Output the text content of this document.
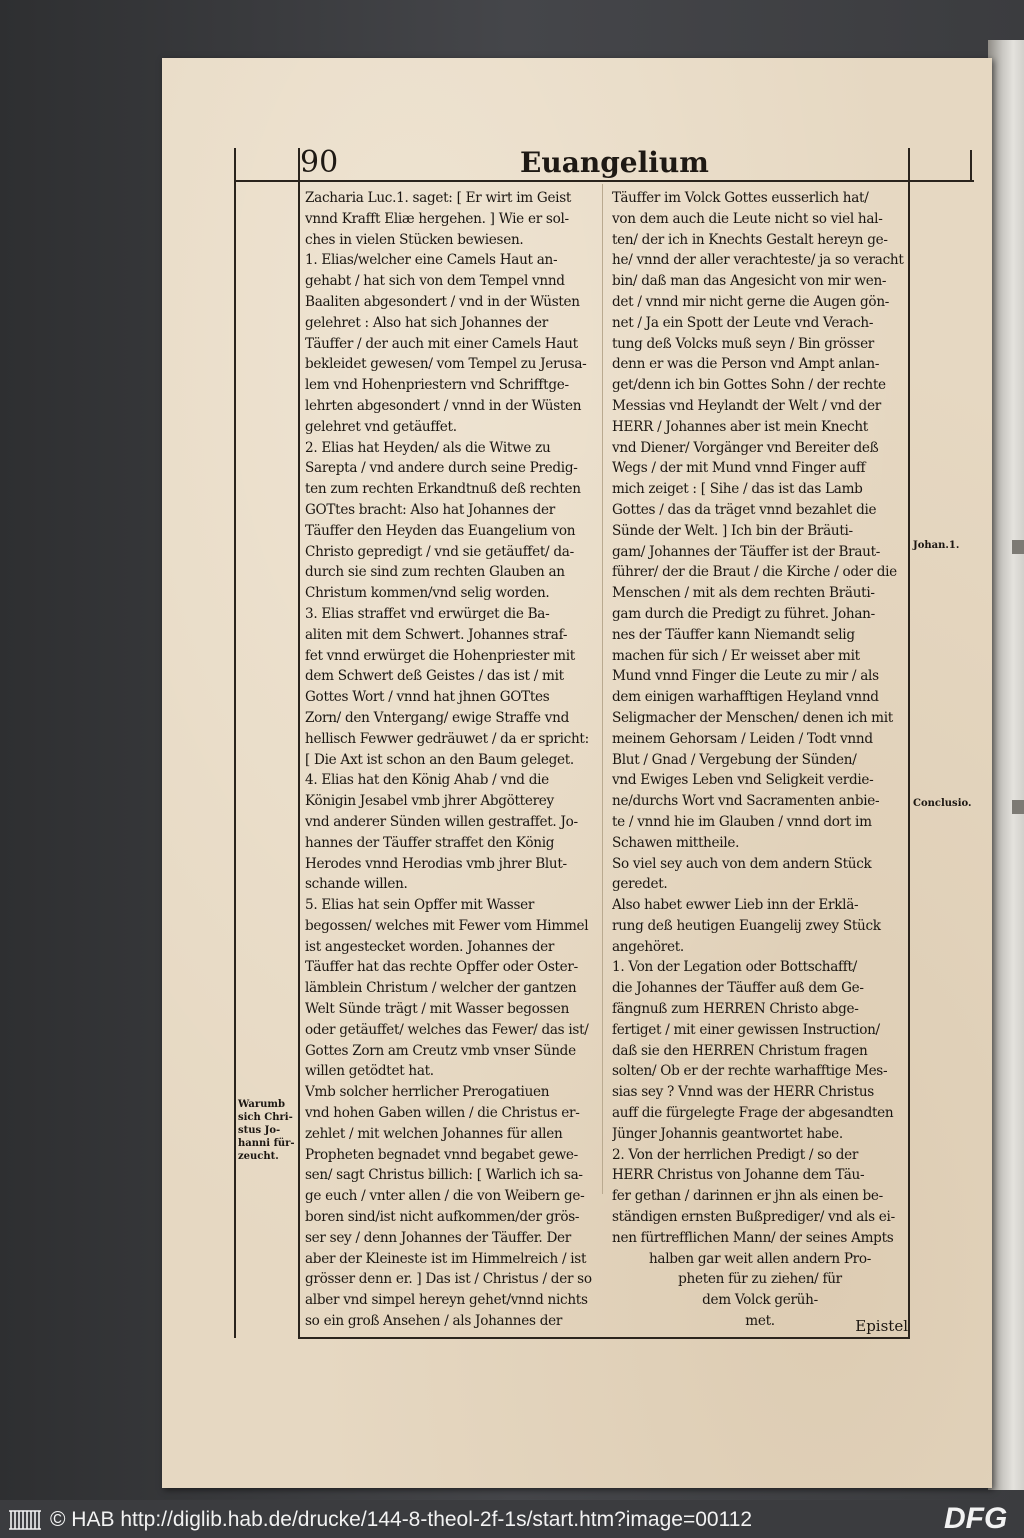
90	Euangelium
Zacharia Luc.1. saget: [ Er wirt im Geist
vnnd Krafft Eliæ hergehen. ] Wie er sol-
ches in vielen Stücken bewiesen.
1. Elias/welcher eine Camels Haut an-
gehabt / hat sich von dem Tempel vnnd
Baaliten abgesondert / vnd in der Wüsten
gelehret : Also hat sich Johannes der
Täuffer / der auch mit einer Camels Haut
bekleidet gewesen/ vom Tempel zu Jerusa-
lem vnd Hohenpriestern vnd Schrifftge-
lehrten abgesondert / vnnd in der Wüsten
gelehret vnd getäuffet.
2. Elias hat Heyden/ als die Witwe zu
Sarepta / vnd andere durch seine Predig-
ten zum rechten Erkandtnuß deß rechten
GOTtes bracht: Also hat Johannes der
Täuffer den Heyden das Euangelium von
Christo gepredigt / vnd sie getäuffet/ da-
durch sie sind zum rechten Glauben an
Christum kommen/vnd selig worden.
3. Elias straffet vnd erwürget die Ba-
aliten mit dem Schwert. Johannes straf-
fet vnnd erwürget die Hohenpriester mit
dem Schwert deß Geistes / das ist / mit
Gottes Wort / vnnd hat jhnen GOTtes
Zorn/ den Vntergang/ ewige Straffe vnd
hellisch Fewwer gedräuwet / da er spricht:
[ Die Axt ist schon an den Baum geleget.
4. Elias hat den König Ahab / vnd die
Königin Jesabel vmb jhrer Abgötterey
vnd anderer Sünden willen gestraffet. Jo-
hannes der Täuffer straffet den König
Herodes vnnd Herodias vmb jhrer Blut-
schande willen.
5. Elias hat sein Opffer mit Wasser
begossen/ welches mit Fewer vom Himmel
ist angestecket worden. Johannes der
Täuffer hat das rechte Opffer oder Oster-
lämblein Christum / welcher der gantzen
Welt Sünde trägt / mit Wasser begossen
oder getäuffet/ welches das Fewer/ das ist/
Gottes Zorn am Creutz vmb vnser Sünde
willen getödtet hat.
Vmb solcher herrlicher Prerogatiuen
vnd hohen Gaben willen / die Christus er-
zehlet / mit welchen Johannes für allen
Propheten begnadet vnnd begabet gewe-
sen/ sagt Christus billich: [ Warlich ich sa-
ge euch / vnter allen / die von Weibern ge-
boren sind/ist nicht aufkommen/der grös-
ser sey / denn Johannes der Täuffer. Der
aber der Kleineste ist im Himmelreich / ist
grösser denn er. ] Das ist / Christus / der so
alber vnd simpel hereyn gehet/vnnd nichts
so ein groß Ansehen / als Johannes der
Täuffer im Volck Gottes eusserlich hat/
von dem auch die Leute nicht so viel hal-
ten/ der ich in Knechts Gestalt hereyn ge-
he/ vnnd der aller verachteste/ ja so veracht
bin/ daß man das Angesicht von mir wen-
det / vnnd mir nicht gerne die Augen gön-
net / Ja ein Spott der Leute vnd Verach-
tung deß Volcks muß seyn / Bin grösser
denn er was die Person vnd Ampt anlan-
get/denn ich bin Gottes Sohn / der rechte
Messias vnd Heylandt der Welt / vnd der
HERR / Johannes aber ist mein Knecht
vnd Diener/ Vorgänger vnd Bereiter deß
Wegs / der mit Mund vnnd Finger auff
mich zeiget : [ Sihe / das ist das Lamb
Gottes / das da träget vnnd bezahlet die
Sünde der Welt. ] Ich bin der Bräuti-
gam/ Johannes der Täuffer ist der Braut-
führer/ der die Braut / die Kirche / oder die
Menschen / mit als dem rechten Bräuti-
gam durch die Predigt zu führet. Johan-
nes der Täuffer kann Niemandt selig
machen für sich / Er weisset aber mit
Mund vnnd Finger die Leute zu mir / als
dem einigen warhafftigen Heyland vnnd
Seligmacher der Menschen/ denen ich mit
meinem Gehorsam / Leiden / Todt vnnd
Blut / Gnad / Vergebung der Sünden/
vnd Ewiges Leben vnd Seligkeit verdie-
ne/durchs Wort vnd Sacramenten anbie-
te / vnnd hie im Glauben / vnnd dort im
Schawen mittheile.
So viel sey auch von dem andern Stück
geredet.
Also habet ewwer Lieb inn der Erklä-
rung deß heutigen Euangelij zwey Stück
angehöret.
1. Von der Legation oder Bottschafft/
die Johannes der Täuffer auß dem Ge-
fängnuß zum HERREN Christo abge-
fertiget / mit einer gewissen Instruction/
daß sie den HERREN Christum fragen
solten/ Ob er der rechte warhafftige Mes-
sias sey ? Vnnd was der HERR Christus
auff die fürgelegte Frage der abgesandten
Jünger Johannis geantwortet habe.
2. Von der herrlichen Predigt / so der
HERR Christus von Johanne dem Täu-
fer gethan / darinnen er jhn als einen be-
ständigen ernsten Bußprediger/ vnd als ei-
nen fürtrefflichen Mann/ der seines Ampts
halben gar weit allen andern Pro-
pheten für zu ziehen/ für
dem Volck gerüh-
met.
Warumb
sich Chri-
stus Jo-
hanni für-
zeucht.
Johan.1.
Conclusio.
Epistel
© HAB http://diglib.hab.de/drucke/144-8-theol-2f-1s/start.htm?image=00112	DFG
